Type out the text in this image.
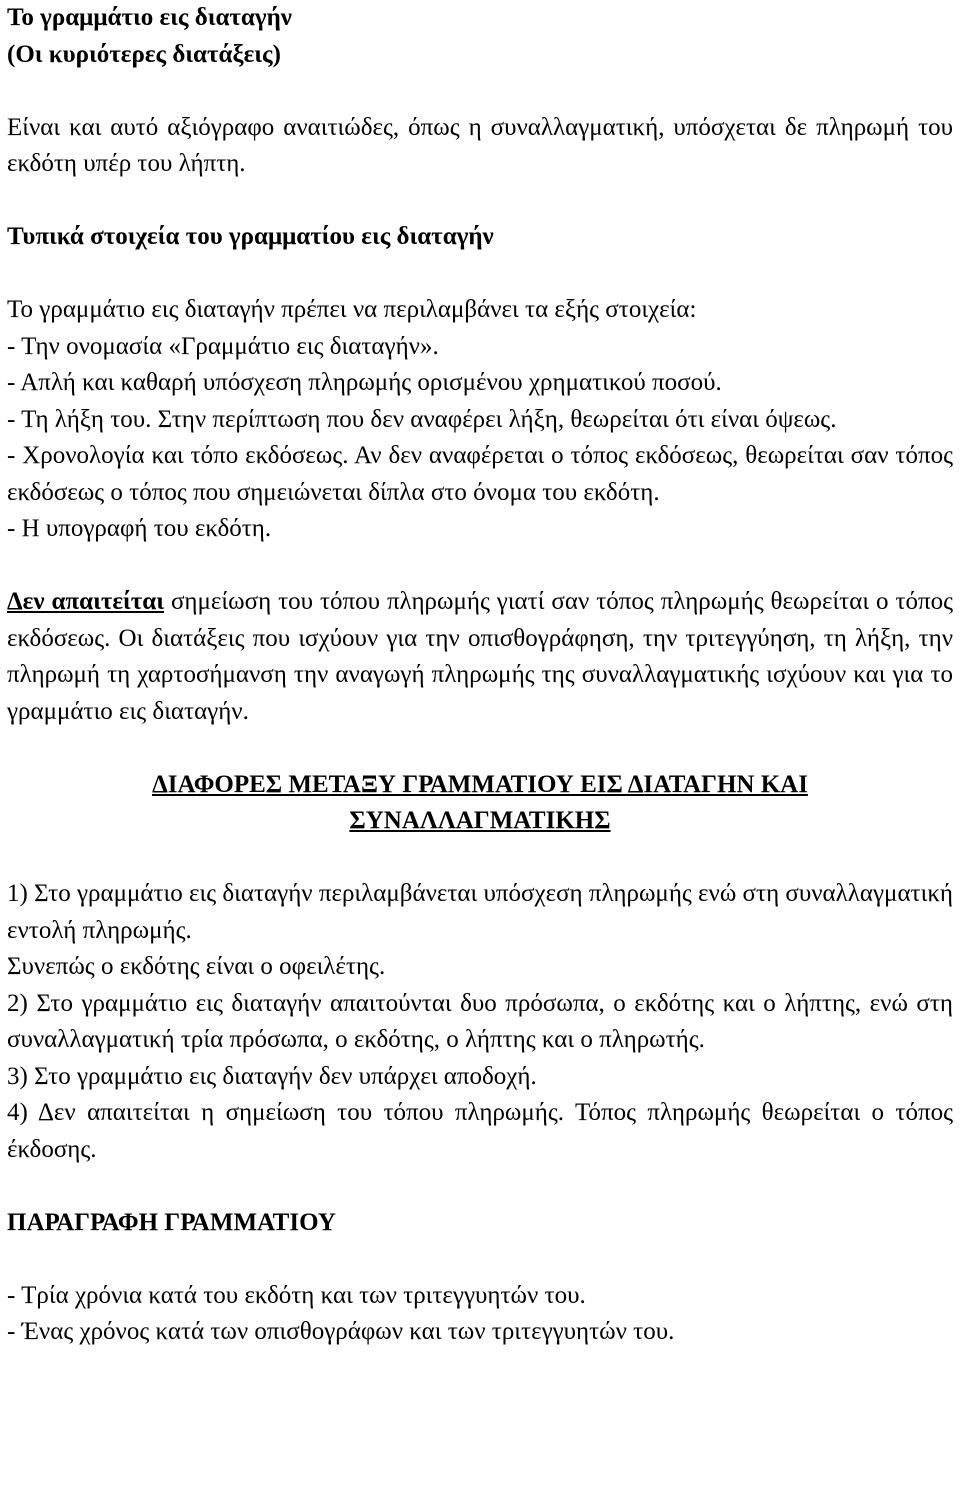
Το γραμμάτιο εις διαταγήν

(Οι κυριότερες διατάξεις)

Είναι και αυτό αξιόγραφο αναιτιώδες, όπως η συναλλαγματική, υπόσχεται δε πληρωμή του εκδότη υπέρ του λήπτη.

Τυπικά στοιχεία του γραμματίου εις διαταγήν

Το γραμμάτιο εις διαταγήν πρέπει να περιλαμβάνει τα εξής στοιχεία:

- Την ονομασία «Γραμμάτιο εις διαταγήν».

- Απλή και καθαρή υπόσχεση πληρωμής ορισμένου χρηματικού ποσού.

- Τη λήξη του. Στην περίπτωση που δεν αναφέρει λήξη, θεωρείται ότι είναι όψεως.

- Χρονολογία και τόπο εκδόσεως. Αν δεν αναφέρεται ο τόπος εκδόσεως, θεωρείται σαν τόπος εκδόσεως ο τόπος που σημειώνεται δίπλα στο όνομα του εκδότη.

- Η υπογραφή του εκδότη.

Δεν απαιτείται σημείωση του τόπου πληρωμής γιατί σαν τόπος πληρωμής θεωρείται ο τόπος εκδόσεως. Οι διατάξεις που ισχύουν για την οπισθογράφηση, την τριτεγγύηση, τη λήξη, την πληρωμή τη χαρτοσήμανση την αναγωγή πληρωμής της συναλλαγματικής ισχύουν και για το γραμμάτιο εις διαταγήν.

ΔΙΑΦΟΡΕΣ ΜΕΤΑΞΥ ΓΡΑΜΜΑΤΙΟΥ ΕΙΣ ΔΙΑΤΑΓΗΝ ΚΑΙ
ΣΥΝΑΛΛΑΓΜΑΤΙΚΗΣ

1) Στο γραμμάτιο εις διαταγήν περιλαμβάνεται υπόσχεση πληρωμής ενώ στη συναλλαγματική εντολή πληρωμής.

Συνεπώς ο εκδότης είναι ο οφειλέτης.

2) Στο γραμμάτιο εις διαταγήν απαιτούνται δυο πρόσωπα, ο εκδότης και ο λήπτης, ενώ στη συναλλαγματική τρία πρόσωπα, ο εκδότης, ο λήπτης και ο πληρωτής.

3) Στο γραμμάτιο εις διαταγήν δεν υπάρχει αποδοχή.

4) Δεν απαιτείται η σημείωση του τόπου πληρωμής. Τόπος πληρωμής θεωρείται ο τόπος έκδοσης.

ΠΑΡΑΓΡΑΦΗ ΓΡΑΜΜΑΤΙΟΥ

- Τρία χρόνια κατά του εκδότη και των τριτεγγυητών του.

- Ένας χρόνος κατά των οπισθογράφων και των τριτεγγυητών του.
